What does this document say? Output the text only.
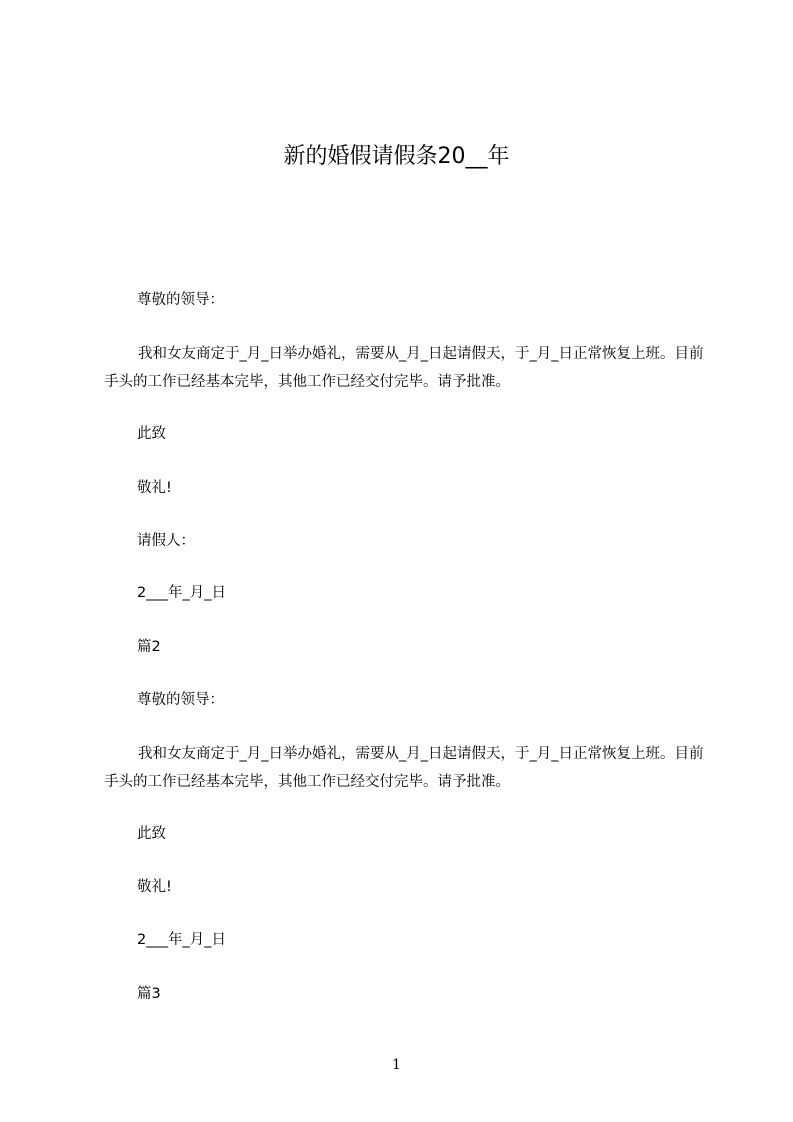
新的婚假请假条20__年

尊敬的领导：

我和女友商定于_月_日举办婚礼，需要从_月_日起请假天，于_月_日正常恢复上班。目前手头的工作已经基本完毕，其他工作已经交付完毕。请予批准。

此致

敬礼!

请假人：

2___年_月_日

篇2

尊敬的领导：

我和女友商定于_月_日举办婚礼，需要从_月_日起请假天，于_月_日正常恢复上班。目前手头的工作已经基本完毕，其他工作已经交付完毕。请予批准。

此致

敬礼!

2___年_月_日

篇3

1
